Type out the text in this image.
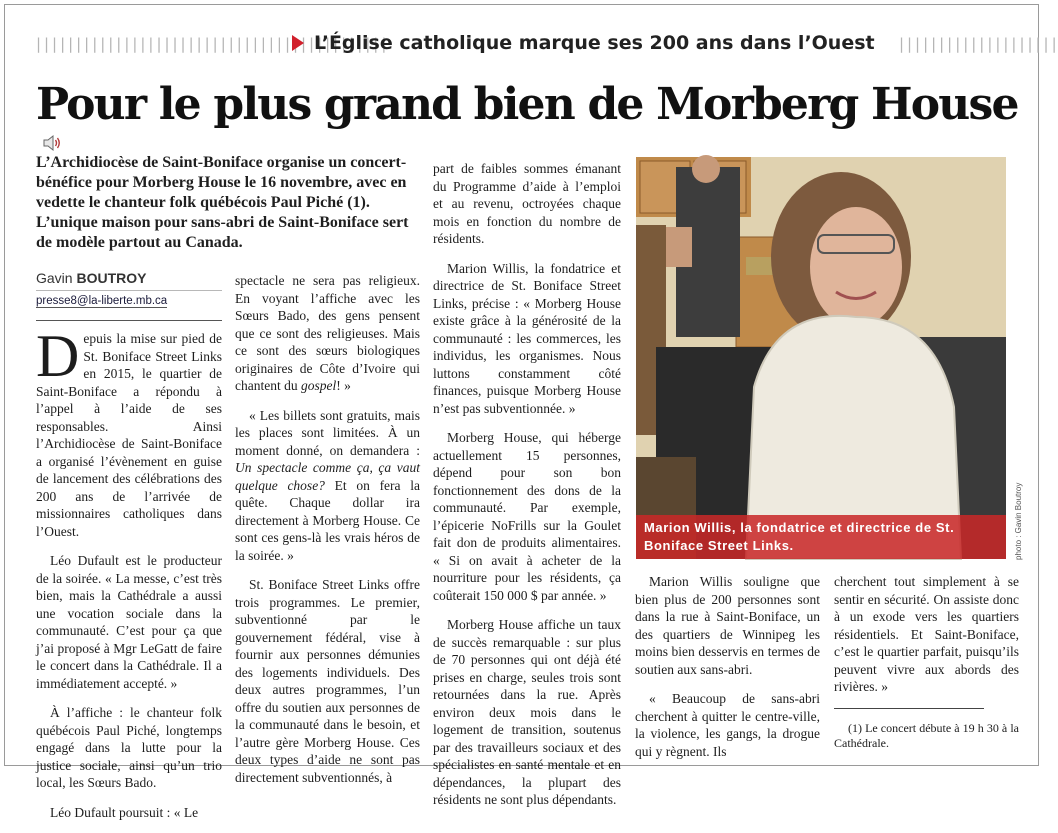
||||||||||||||||||||||||||||||||||||||||||||
L’Église catholique marque ses 200 ans dans l’Ouest ||||||||||||||||||||
Pour le plus grand bien de Morberg House
L’Archidiocèse de Saint-Boniface organise un concert-bénéfice pour Morberg House le 16 novembre, avec en vedette le chanteur folk québécois Paul Piché (1). L’unique maison pour sans-abri de Saint-Boniface sert de modèle partout au Canada.
Gavin BOUTROY
presse8@la-liberte.mb.ca

Depuis la mise sur pied de St. Boniface Street Links en 2015, le quartier de Saint-Boniface a répondu à l’appel à l’aide de ses responsables. Ainsi l’Archidiocèse de Saint-Boniface a organisé l’évènement en guise de lancement des célébrations des 200 ans de l’arrivée de missionnaires catholiques dans l’Ouest.

Léo Dufault est le producteur de la soirée. « La messe, c’est très bien, mais la Cathédrale a aussi une vocation sociale dans la communauté. C’est pour ça que j’ai proposé à Mgr LeGatt de faire le concert dans la Cathédrale. Il a immédiatement accepté. »

À l’affiche : le chanteur folk québécois Paul Piché, longtemps engagé dans la lutte pour la justice sociale, ainsi qu’un trio local, les Sœurs Bado.

Léo Dufault poursuit : « Le

spectacle ne sera pas religieux. En voyant l’affiche avec les Sœurs Bado, des gens pensent que ce sont des religieuses. Mais ce sont des sœurs biologiques originaires de Côte d’Ivoire qui chantent du gospel! »

« Les billets sont gratuits, mais les places sont limitées. À un moment donné, on demandera : Un spectacle comme ça, ça vaut quelque chose? Et on fera la quête. Chaque dollar ira directement à Morberg House. Ce sont ces gens-là les vrais héros de la soirée. »

St. Boniface Street Links offre trois programmes. Le premier, subventionné par le gouvernement fédéral, vise à fournir aux personnes démunies des logements individuels. Des deux autres programmes, l’un offre du soutien aux personnes de la communauté dans le besoin, et l’autre gère Morberg House. Ces deux types d’aide ne sont pas directement subventionnés, à

part de faibles sommes émanant du Programme d’aide à l’emploi et au revenu, octroyées chaque mois en fonction du nombre de résidents.

Marion Willis, la fondatrice et directrice de St. Boniface Street Links, précise : « Morberg House existe grâce à la générosité de la communauté : les commerces, les individus, les organismes. Nous luttons constamment côté finances, puisque Morberg House n’est pas subventionnée. »

Morberg House, qui héberge actuellement 15 personnes, dépend pour son bon fonctionnement des dons de la communauté. Par exemple, l’épicerie NoFrills sur la Goulet fait don de produits alimentaires. « Si on avait à acheter de la nourriture pour les résidents, ça coûterait 150 000 $ par année. »

Morberg House affiche un taux de succès remarquable : sur plus de 70 personnes qui ont déjà été prises en charge, seules trois sont retournées dans la rue. Après environ deux mois dans le logement de transition, soutenus par des travailleurs sociaux et des spécialistes en santé mentale et en dépendances, la plupart des résidents ne sont plus dépendants.

Marion Willis, la fondatrice et directrice de St. Boniface Street Links.	photo : Gavin Boutroy

Marion Willis souligne que bien plus de 200 personnes sont dans la rue à Saint-Boniface, un des quartiers de Winnipeg les moins bien desservis en termes de soutien aux sans-abri.

« Beaucoup de sans-abri cherchent à quitter le centre-ville, la violence, les gangs, la drogue qui y règnent. Ils

cherchent tout simplement à se sentir en sécurité. On assiste donc à un exode vers les quartiers résidentiels. Et Saint-Boniface, c’est le quartier parfait, puisqu’ils peuvent vivre aux abords des rivières. »

(1) Le concert débute à 19 h 30 à la Cathédrale.
